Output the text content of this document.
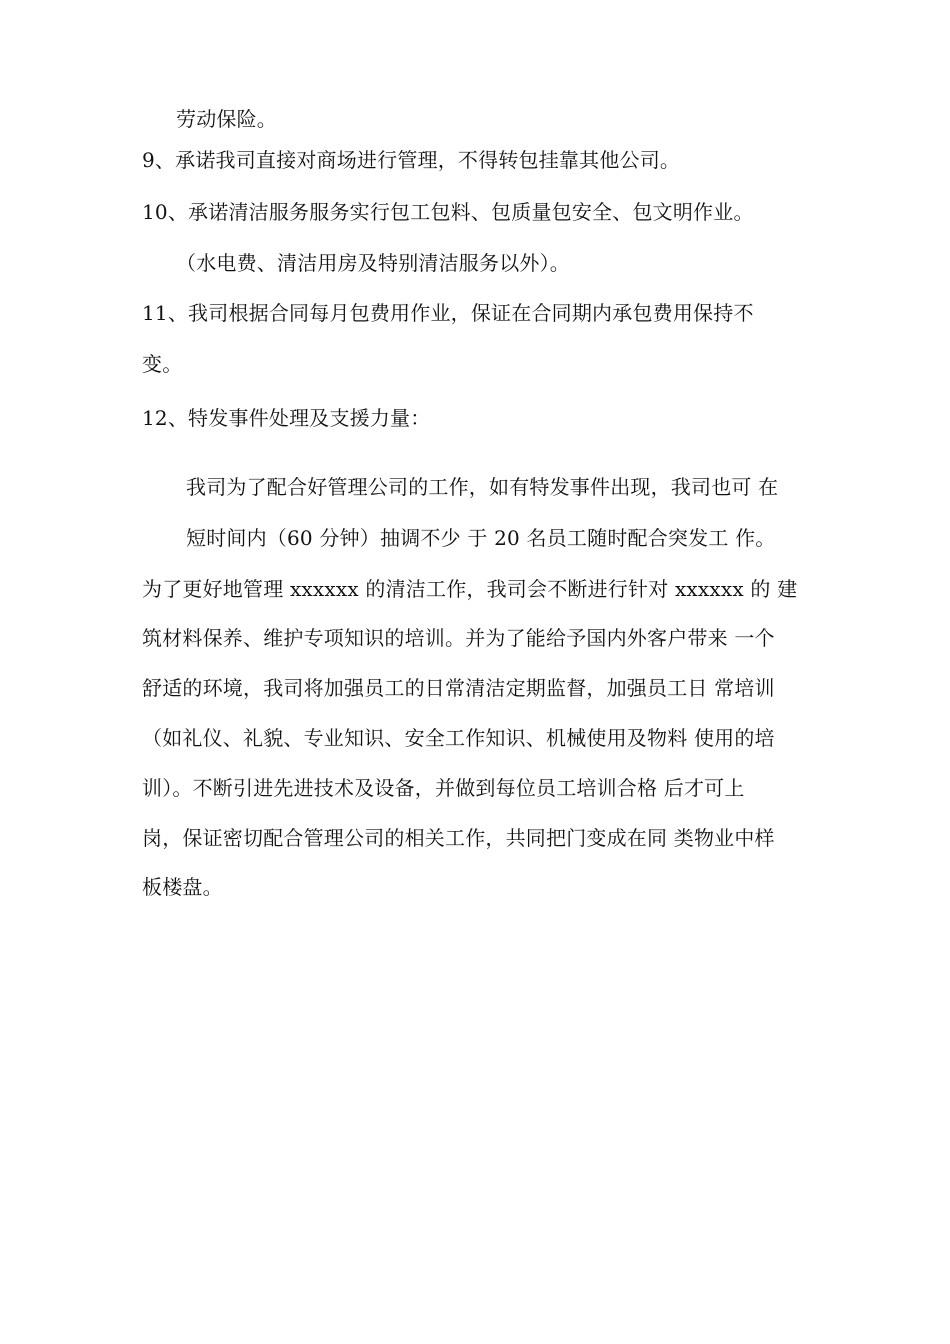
劳动保险。
9、承诺我司直接对商场进行管理，不得转包挂靠其他公司。
10、承诺清洁服务服务实行包工包料、包质量包安全、包文明作业。
（水电费、清洁用房及特别清洁服务以外）。
11、我司根据合同每月包费用作业，保证在合同期内承包费用保持不
变。
12、特发事件处理及支援力量：
我司为了配合好管理公司的工作，如有特发事件出现，我司也可 在
短时间内（60 分钟）抽调不少 于 20 名员工随时配合突发工 作。
为了更好地管理 xxxxxx 的清洁工作，我司会不断进行针对 xxxxxx 的 建
筑材料保养、维护专项知识的培训。并为了能给予国内外客户带来 一个
舒适的环境，我司将加强员工的日常清洁定期监督，加强员工日 常培训
（如礼仪、礼貌、专业知识、安全工作知识、机械使用及物料 使用的培
训）。不断引进先进技术及设备，并做到每位员工培训合格 后才可上
岗，保证密切配合管理公司的相关工作，共同把门变成在同 类物业中样
板楼盘。
